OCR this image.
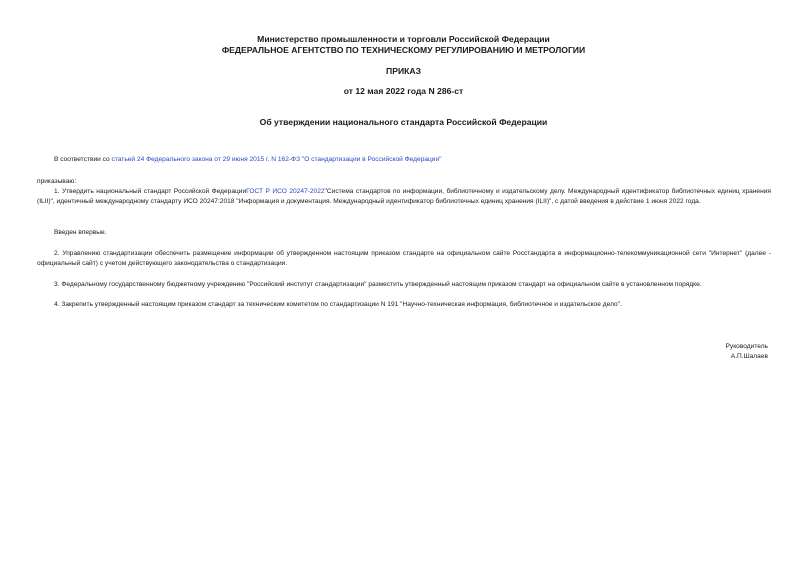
Министерство промышленности и торговли Российской Федерации
ФЕДЕРАЛЬНОЕ АГЕНТСТВО ПО ТЕХНИЧЕСКОМУ РЕГУЛИРОВАНИЮ И МЕТРОЛОГИИ
ПРИКАЗ
от 12 мая 2022 года N 286-ст
Об утверждении национального стандарта Российской Федерации
В соответствии со статьей 24 Федерального закона от 29 июня 2015 г. N 162-ФЗ "О стандартизации в Российской Федерации"
приказываю:
1. Утвердить национальный стандарт Российской ФедерацииГОСТ Р ИСО 20247-2022"Система стандартов по информации, библиотечному и издательскому делу. Международный идентификатор библиотечных единиц хранения (ILII)", идентичный международному стандарту ИСО 20247:2018 "Информация и документация. Международный идентификатор библиотечных единиц хранения (ILII)", с датой введения в действие 1 июня 2022 года.
Введен впервые.
2. Управлению стандартизации обеспечить размещение информации об утвержденном настоящим приказом стандарте на официальном сайте Росстандарта в информационно-телекоммуникационной сети "Интернет" (далее - официальный сайт) с учетом действующего законодательства о стандартизации.
3. Федеральному государственному бюджетному учреждению "Российский институт стандартизации" разместить утвержденный настоящим приказом стандарт на официальном сайте в установленном порядке.
4. Закрепить утвержденный настоящим приказом стандарт за техническим комитетом по стандартизации N 191 "Научно-техническая информация, библиотечное и издательское дело".
Руководитель
А.П.Шалаев
